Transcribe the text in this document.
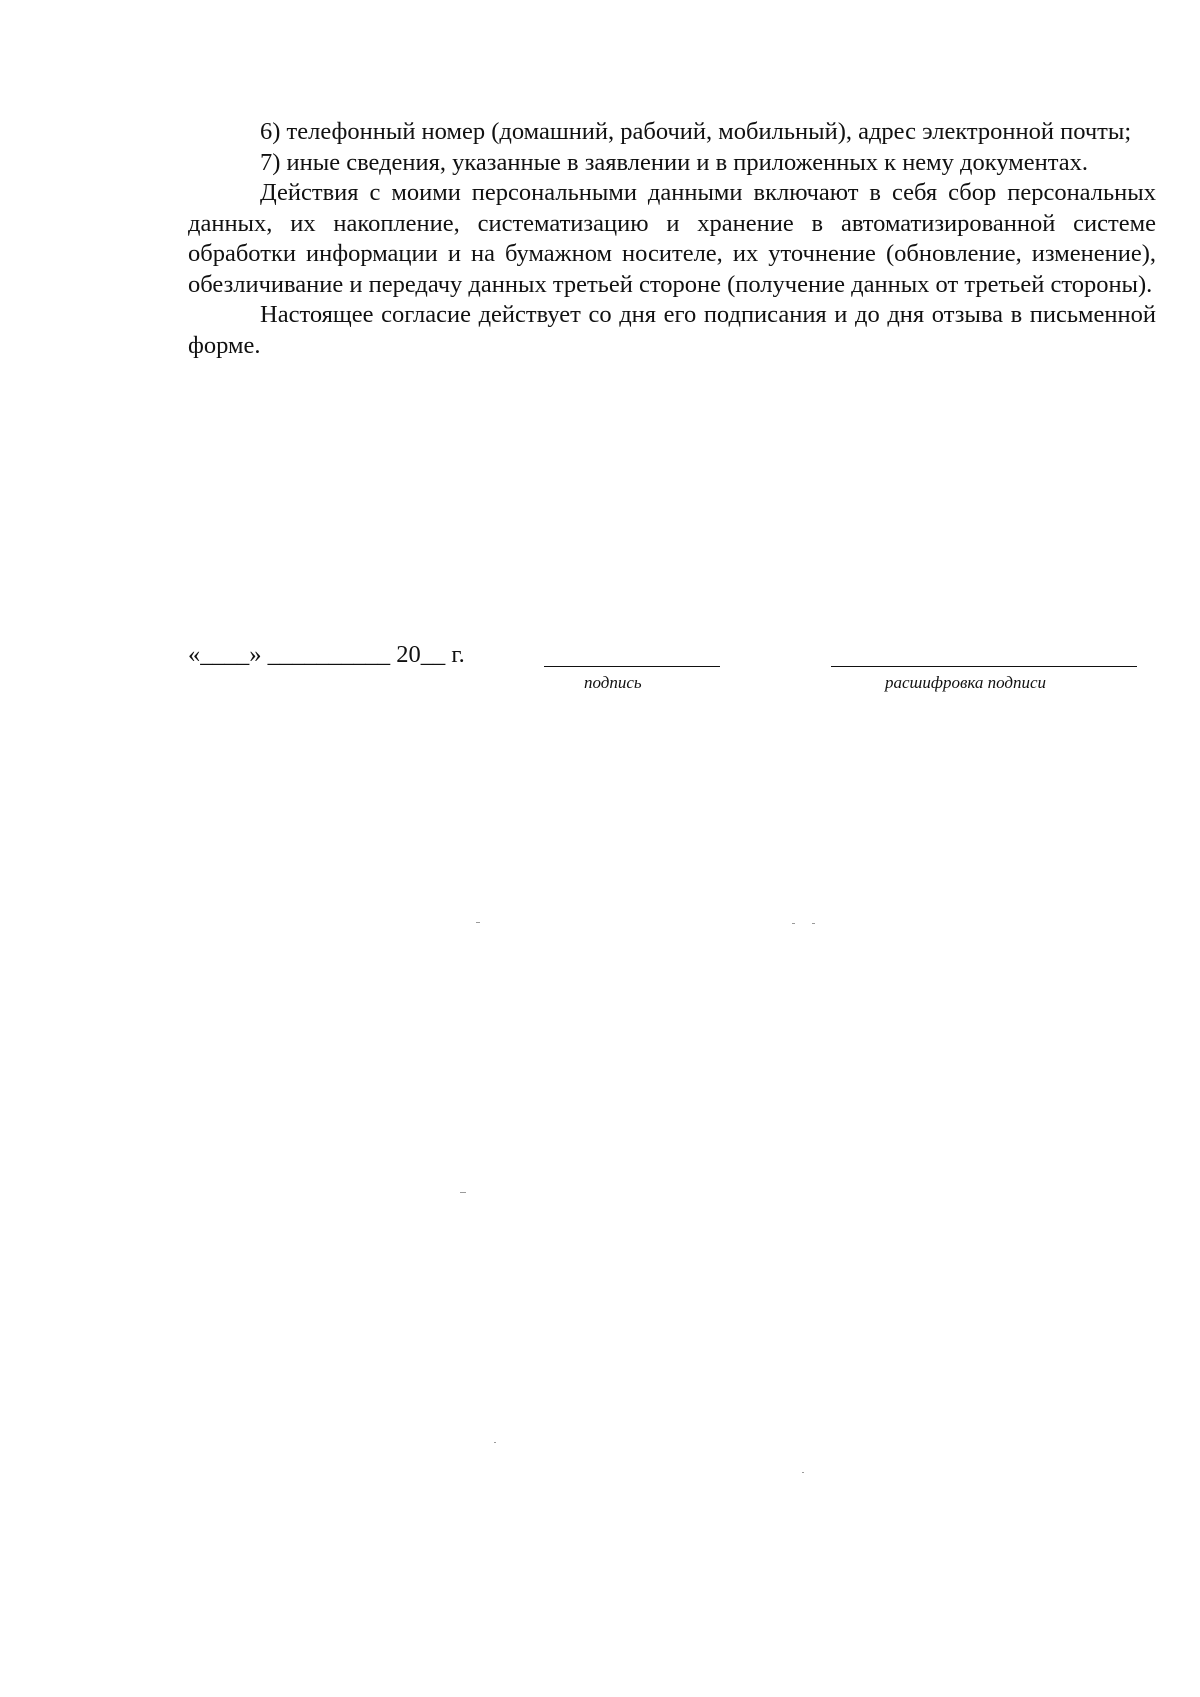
6) телефонный номер (домашний, рабочий, мобильный), адрес электронной почты;

7) иные сведения, указанные в заявлении и в приложенных к нему документах.

Действия с моими персональными данными включают в себя сбор персональных данных, их накопление, систематизацию и хранение в автоматизированной системе обработки информации и на бумажном носителе, их уточнение (обновление, изменение), обезличивание и передачу данных третьей стороне (получение данных от третьей стороны).

Настоящее согласие действует со дня его подписания и до дня отзыва в письменной форме.

«____» __________ 20__ г.
подпись	расшифровка подписи
